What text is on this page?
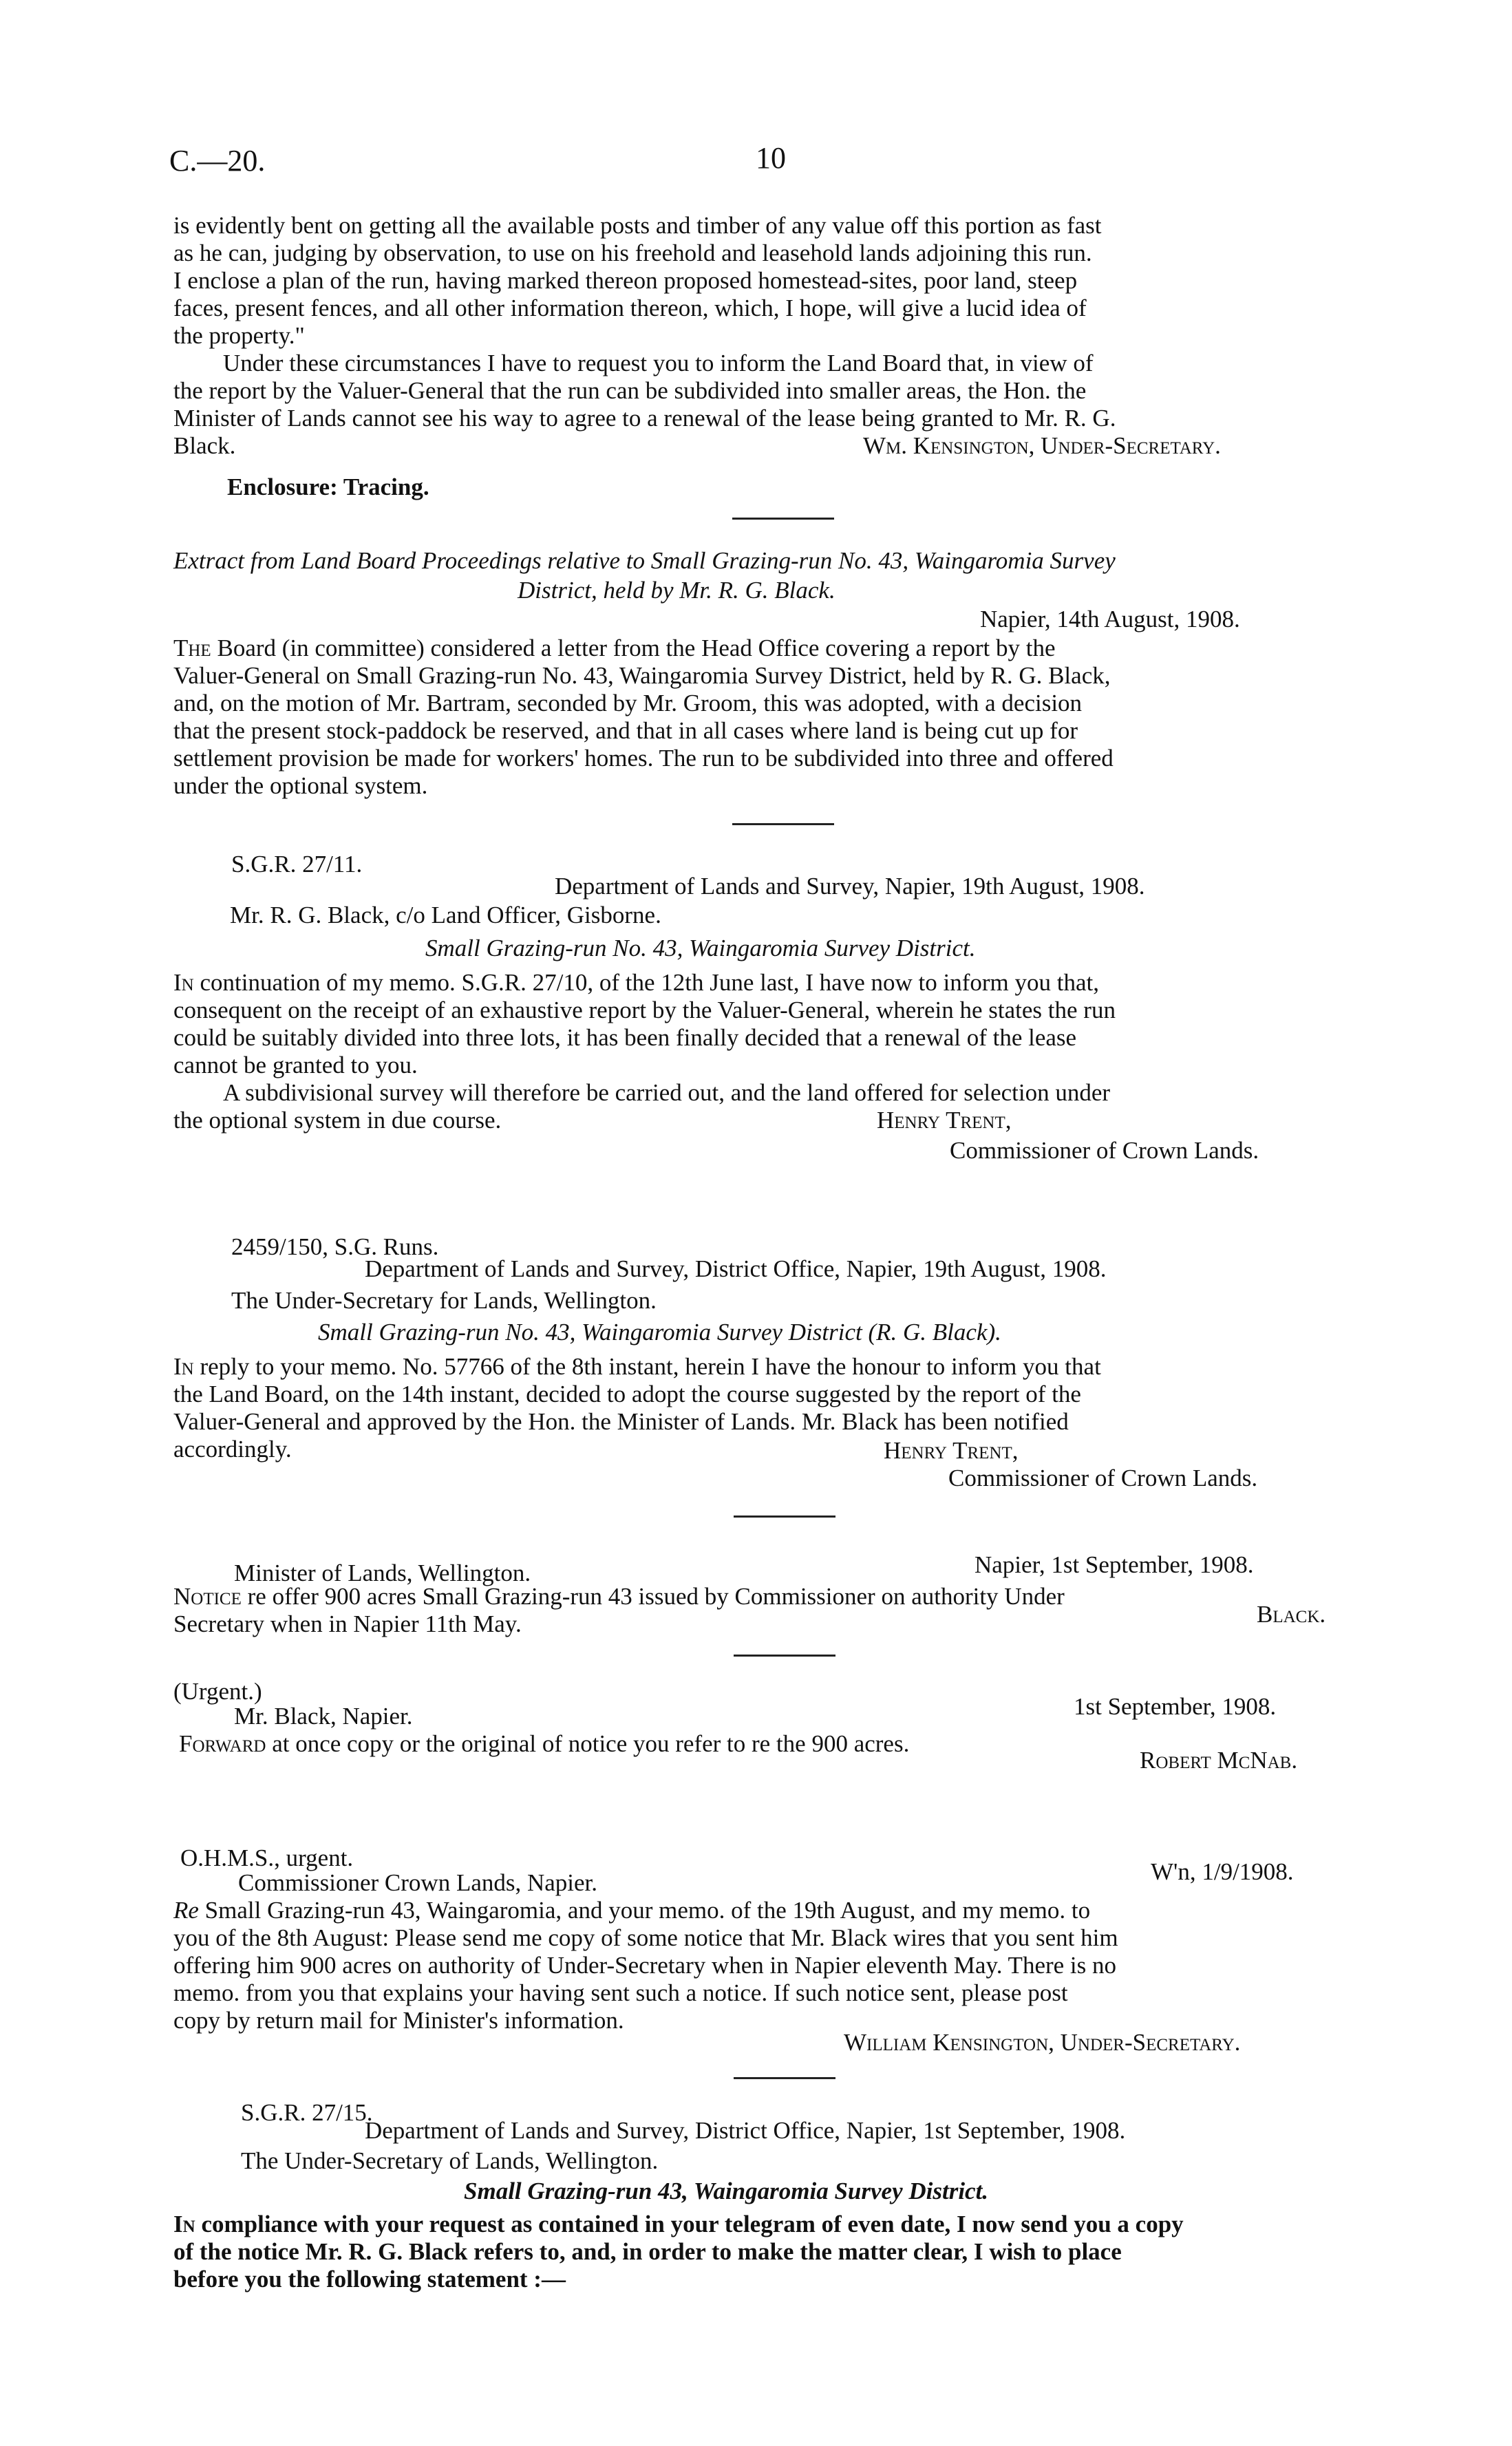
C.—20.	10

is evidently bent on getting all the available posts and timber of any value off this portion as fast

as he can, judging by observation, to use on his freehold and leasehold lands adjoining this run.

I enclose a plan of the run, having marked thereon proposed homestead-sites, poor land, steep

faces, present fences, and all other information thereon, which, I hope, will give a lucid idea of

the property."

Under these circumstances I have to request you to inform the Land Board that, in view of

the report by the Valuer-General that the run can be subdivided into smaller areas, the Hon. the

Minister of Lands cannot see his way to agree to a renewal of the lease being granted to Mr. R. G.

Black.	Wm. Kensington, Under-Secretary.
Enclosure: Tracing.
Extract from Land Board Proceedings relative to Small Grazing-run No. 43, Waingaromia Survey
District, held by Mr. R. G. Black.
Napier, 14th August, 1908.

The Board (in committee) considered a letter from the Head Office covering a report by the

Valuer-General on Small Grazing-run No. 43, Waingaromia Survey District, held by R. G. Black,

and, on the motion of Mr. Bartram, seconded by Mr. Groom, this was adopted, with a decision

that the present stock-paddock be reserved, and that in all cases where land is being cut up for

settlement provision be made for workers' homes. The run to be subdivided into three and offered

under the optional system.

S.G.R. 27/11.
Department of Lands and Survey, Napier, 19th August, 1908.
Mr. R. G. Black, c/o Land Officer, Gisborne.
Small Grazing-run No. 43, Waingaromia Survey District.

In continuation of my memo. S.G.R. 27/10, of the 12th June last, I have now to inform you that,

consequent on the receipt of an exhaustive report by the Valuer-General, wherein he states the run

could be suitably divided into three lots, it has been finally decided that a renewal of the lease

cannot be granted to you.

A subdivisional survey will therefore be carried out, and the land offered for selection under

the optional system in due course.	Henry Trent,
Commissioner of Crown Lands.
2459/150, S.G. Runs.
Department of Lands and Survey, District Office, Napier, 19th August, 1908.
The Under-Secretary for Lands, Wellington.
Small Grazing-run No. 43, Waingaromia Survey District (R. G. Black).

In reply to your memo. No. 57766 of the 8th instant, herein I have the honour to inform you that

the Land Board, on the 14th instant, decided to adopt the course suggested by the report of the

Valuer-General and approved by the Hon. the Minister of Lands. Mr. Black has been notified

accordingly.	Henry Trent,
Commissioner of Crown Lands.
Minister of Lands, Wellington.	Napier, 1st September, 1908.

Notice re offer 900 acres Small Grazing-run 43 issued by Commissioner on authority Under

Secretary when in Napier 11th May.	Black.
(Urgent.)
Mr. Black, Napier.	1st September, 1908.
Forward at once copy or the original of notice you refer to re the 900 acres.
Robert McNab.
O.H.M.S., urgent.
Commissioner Crown Lands, Napier.	W'n, 1/9/1908.

Re Small Grazing-run 43, Waingaromia, and your memo. of the 19th August, and my memo. to

you of the 8th August: Please send me copy of some notice that Mr. Black wires that you sent him

offering him 900 acres on authority of Under-Secretary when in Napier eleventh May. There is no

memo. from you that explains your having sent such a notice. If such notice sent, please post

copy by return mail for Minister's information.

William Kensington, Under-Secretary.
S.G.R. 27/15.
Department of Lands and Survey, District Office, Napier, 1st September, 1908.
The Under-Secretary of Lands, Wellington.
Small Grazing-run 43, Waingaromia Survey District.

In compliance with your request as contained in your telegram of even date, I now send you a copy

of the notice Mr. R. G. Black refers to, and, in order to make the matter clear, I wish to place

before you the following statement :—
